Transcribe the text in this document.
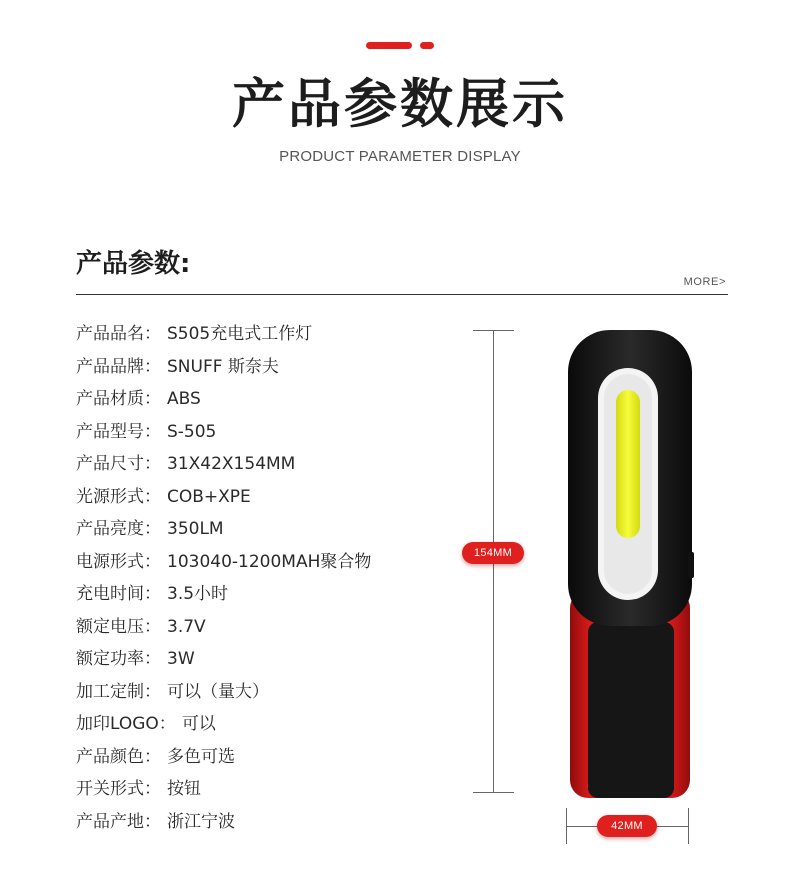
产品参数展示
PRODUCT PARAMETER DISPLAY
产品参数:
MORE>
产品品名： S505充电式工作灯
产品品牌： SNUFF 斯奈夫
产品材质： ABS
产品型号： S-505
产品尺寸： 31X42X154MM
光源形式： COB+XPE
产品亮度： 350LM
电源形式： 103040-1200MAH聚合物
充电时间： 3.5小时
额定电压： 3.7V
额定功率： 3W
加工定制： 可以（量大）
加印LOGO： 可以
产品颜色： 多色可选
开关形式： 按钮
产品产地： 浙江宁波
154MM
42MM
